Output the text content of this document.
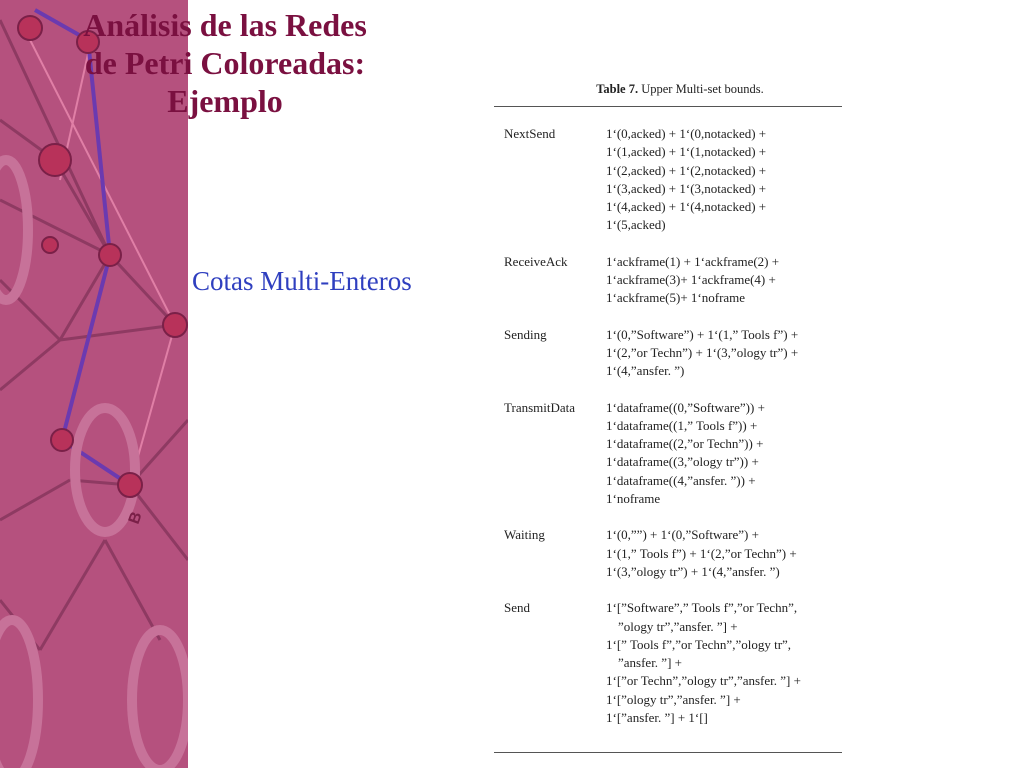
B
Análisis de las Redes
de Petri Coloreadas:
Ejemplo
Cotas Multi-Enteros
Table 7. Upper Multi-set bounds.
NextSend	1‘(0,acked) + 1‘(0,notacked) +
1‘(1,acked) + 1‘(1,notacked) +
1‘(2,acked) + 1‘(2,notacked) +
1‘(3,acked) + 1‘(3,notacked) +
1‘(4,acked) + 1‘(4,notacked) +
1‘(5,acked)
ReceiveAck	1‘ackframe(1) + 1‘ackframe(2) +
1‘ackframe(3)+ 1‘ackframe(4) +
1‘ackframe(5)+ 1‘noframe
Sending	1‘(0,”Software”) + 1‘(1,” Tools f”) +
1‘(2,”or Techn”) + 1‘(3,”ology tr”) +
1‘(4,”ansfer. ”)
TransmitData	1‘dataframe((0,”Software”)) +
1‘dataframe((1,” Tools f”)) +
1‘dataframe((2,”or Techn”)) +
1‘dataframe((3,”ology tr”)) +
1‘dataframe((4,”ansfer. ”)) +
1‘noframe
Waiting	1‘(0,””) + 1‘(0,”Software”) +
1‘(1,” Tools f”) + 1‘(2,”or Techn”) +
1‘(3,”ology tr”) + 1‘(4,”ansfer. ”)
Send	1‘[”Software”,” Tools f”,”or Techn”,
”ology tr”,”ansfer. ”] +
1‘[” Tools f”,”or Techn”,”ology tr”,
”ansfer. ”] +
1‘[”or Techn”,”ology tr”,”ansfer. ”] +
1‘[”ology tr”,”ansfer. ”] +
1‘[”ansfer. ”] + 1‘[]
